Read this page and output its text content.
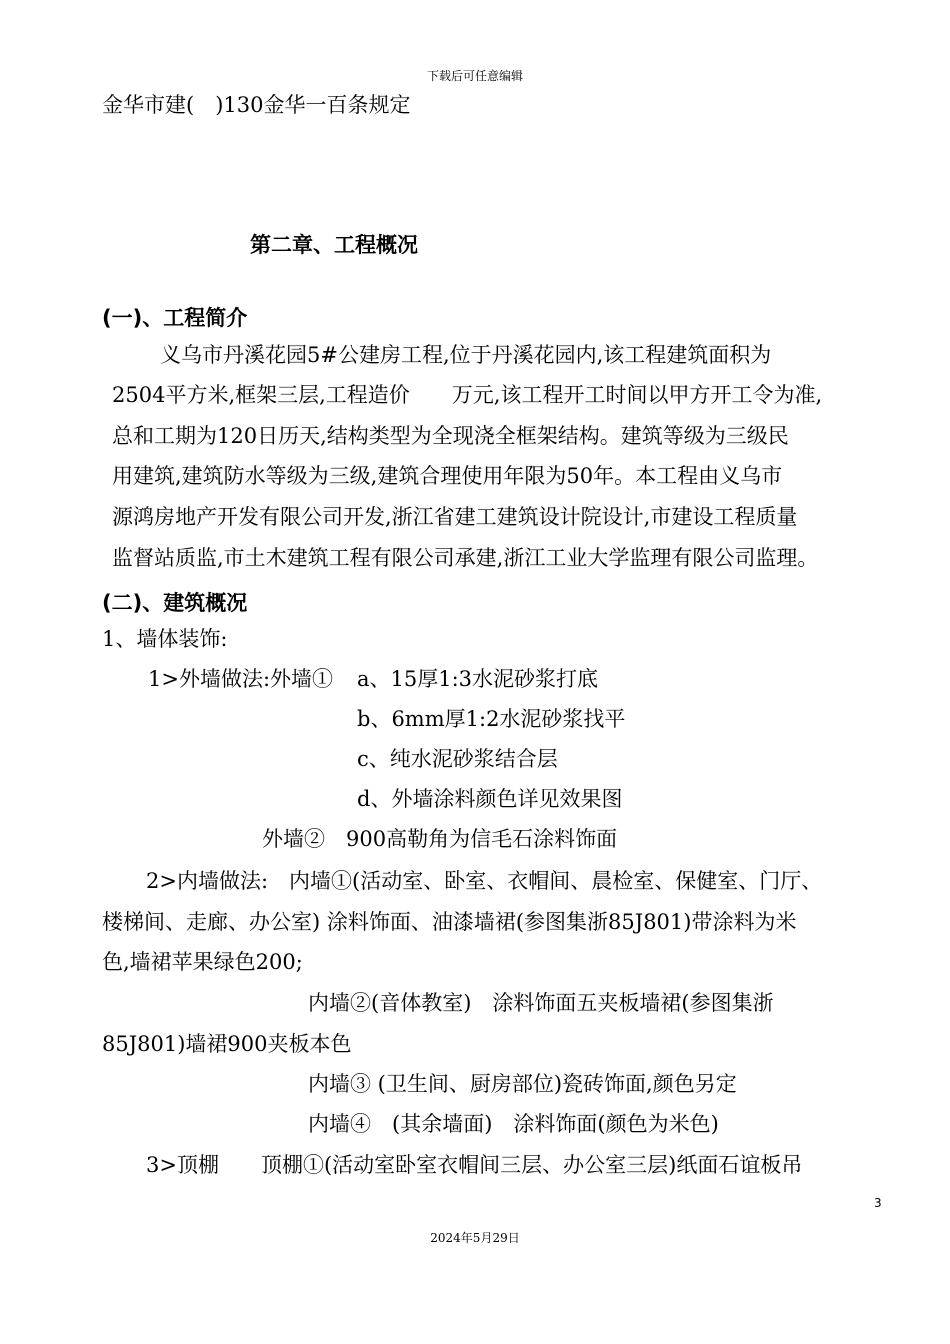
下载后可任意编辑
金华市建(　)130金华一百条规定
第二章、工程概况
(一)、工程简介
义乌市丹溪花园5#公建房工程,位于丹溪花园内,该工程建筑面积为
2504平方米,框架三层,工程造价　　万元,该工程开工时间以甲方开工令为准,
总和工期为120日历天,结构类型为全现浇全框架结构。建筑等级为三级民
用建筑,建筑防水等级为三级,建筑合理使用年限为50年。本工程由义乌市
源鸿房地产开发有限公司开发,浙江省建工建筑设计院设计,市建设工程质量
监督站质监,市土木建筑工程有限公司承建,浙江工业大学监理有限公司监理。
(二)、建筑概况
1、墙体装饰:
1>外墙做法:外墙① a、15厚1:3水泥砂浆打底
b、6mm厚1:2水泥砂浆找平
c、纯水泥砂浆结合层
d、外墙涂料颜色详见效果图
外墙②　900高勒角为信毛石涂料饰面
2>内墙做法:　内墙①(活动室、卧室、衣帽间、晨检室、保健室、门厅、
楼梯间、走廊、办公室) 涂料饰面、油漆墙裙(参图集浙85J801)带涂料为米
色,墙裙苹果绿色200;
内墙②(音体教室)　涂料饰面五夹板墙裙(参图集浙
85J801)墙裙900夹板本色
内墙③ (卫生间、厨房部位)瓷砖饰面,颜色另定
内墙④　(其余墙面)　涂料饰面(颜色为米色)
3>顶棚　　顶棚①(活动室卧室衣帽间三层、办公室三层)纸面石谊板吊
3
2024年5月29日
